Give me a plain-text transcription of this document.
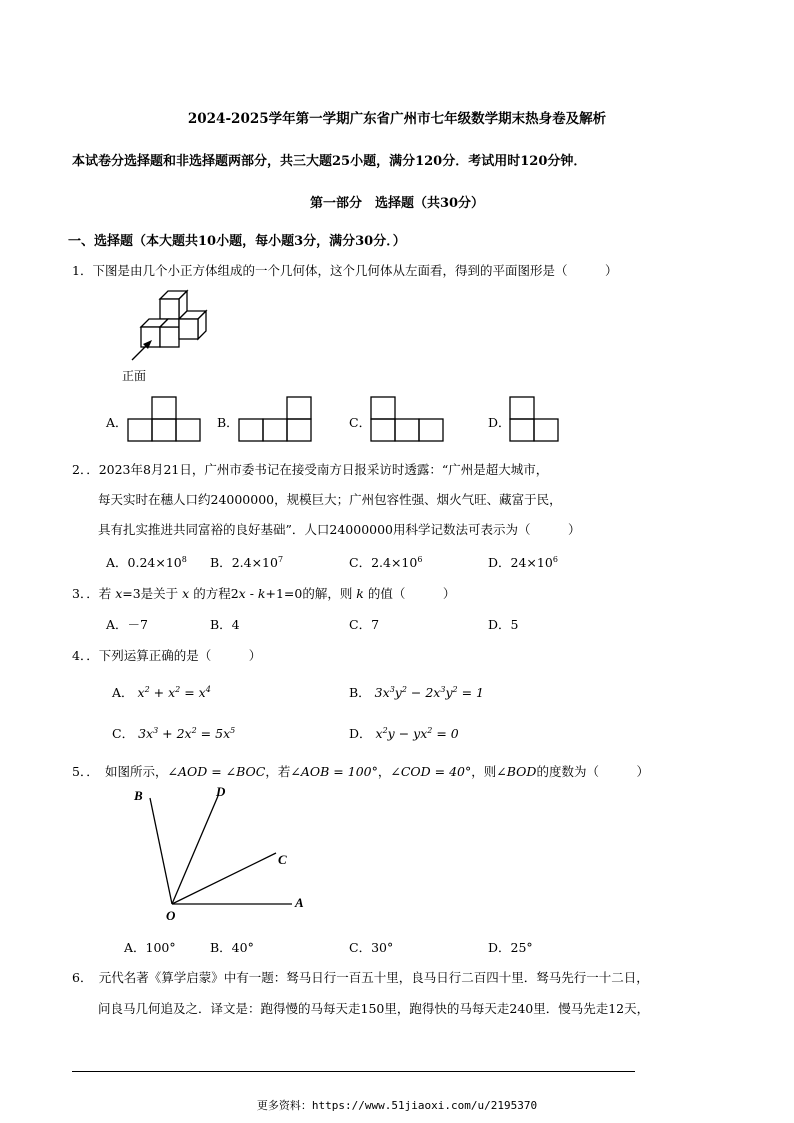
2024-2025学年第一学期广东省广州市七年级数学期末热身卷及解析
本试卷分选择题和非选择题两部分，共三大题25小题，满分120分．考试用时120分钟．
第一部分　选择题（共30分）
一、选择题（本大题共10小题，每小题3分，满分30分．）
1．下图是由几个小正方体组成的一个几何体，这个几何体从左面看，得到的平面图形是（　　　）
正面
A．	B．	C．	D．
2．．2023年8月21日，广州市委书记在接受南方日报采访时透露：“广州是超大城市，
每天实时在穗人口约24000000，规模巨大；广州包容性强、烟火气旺、藏富于民，
具有扎实推进共同富裕的良好基础”．人口24000000用科学记数法可表示为（　　　）
A．$0.24\times 10^8$ B．$2.4\times 10^7$	C．$2.4\times 10^6$	D．$24\times 10^6$
3．．若 x=3是关于 x 的方程2x - k+1=0的解，则 k 的值（　　　）
A．－7	B．4	C．7	D．5
4．．下列运算正确的是（　　　）
A． $x^2 + x^2 = x^4$	B． $3x^3y^2 - 2x^3y^2 = 1$
C． $3x^3 + 2x^2 = 5x^5$	D． $x^2y - yx^2 = 0$
5．．　如图所示，∠AOD = ∠BOC，若∠AOB = 100°，∠COD = 40°，则∠BOD的度数为（　　　）
B	D
C
A
O
A．100°	B．40°	C．30°	D．25°
6．　元代名著《算学启蒙》中有一题：驽马日行一百五十里，良马日行二百四十里．驽马先行一十二日，
问良马几何追及之．译文是：跑得慢的马每天走150里，跑得快的马每天走240里．慢马先走12天，
更多资料：https://www.51jiaoxi.com/u/2195370
